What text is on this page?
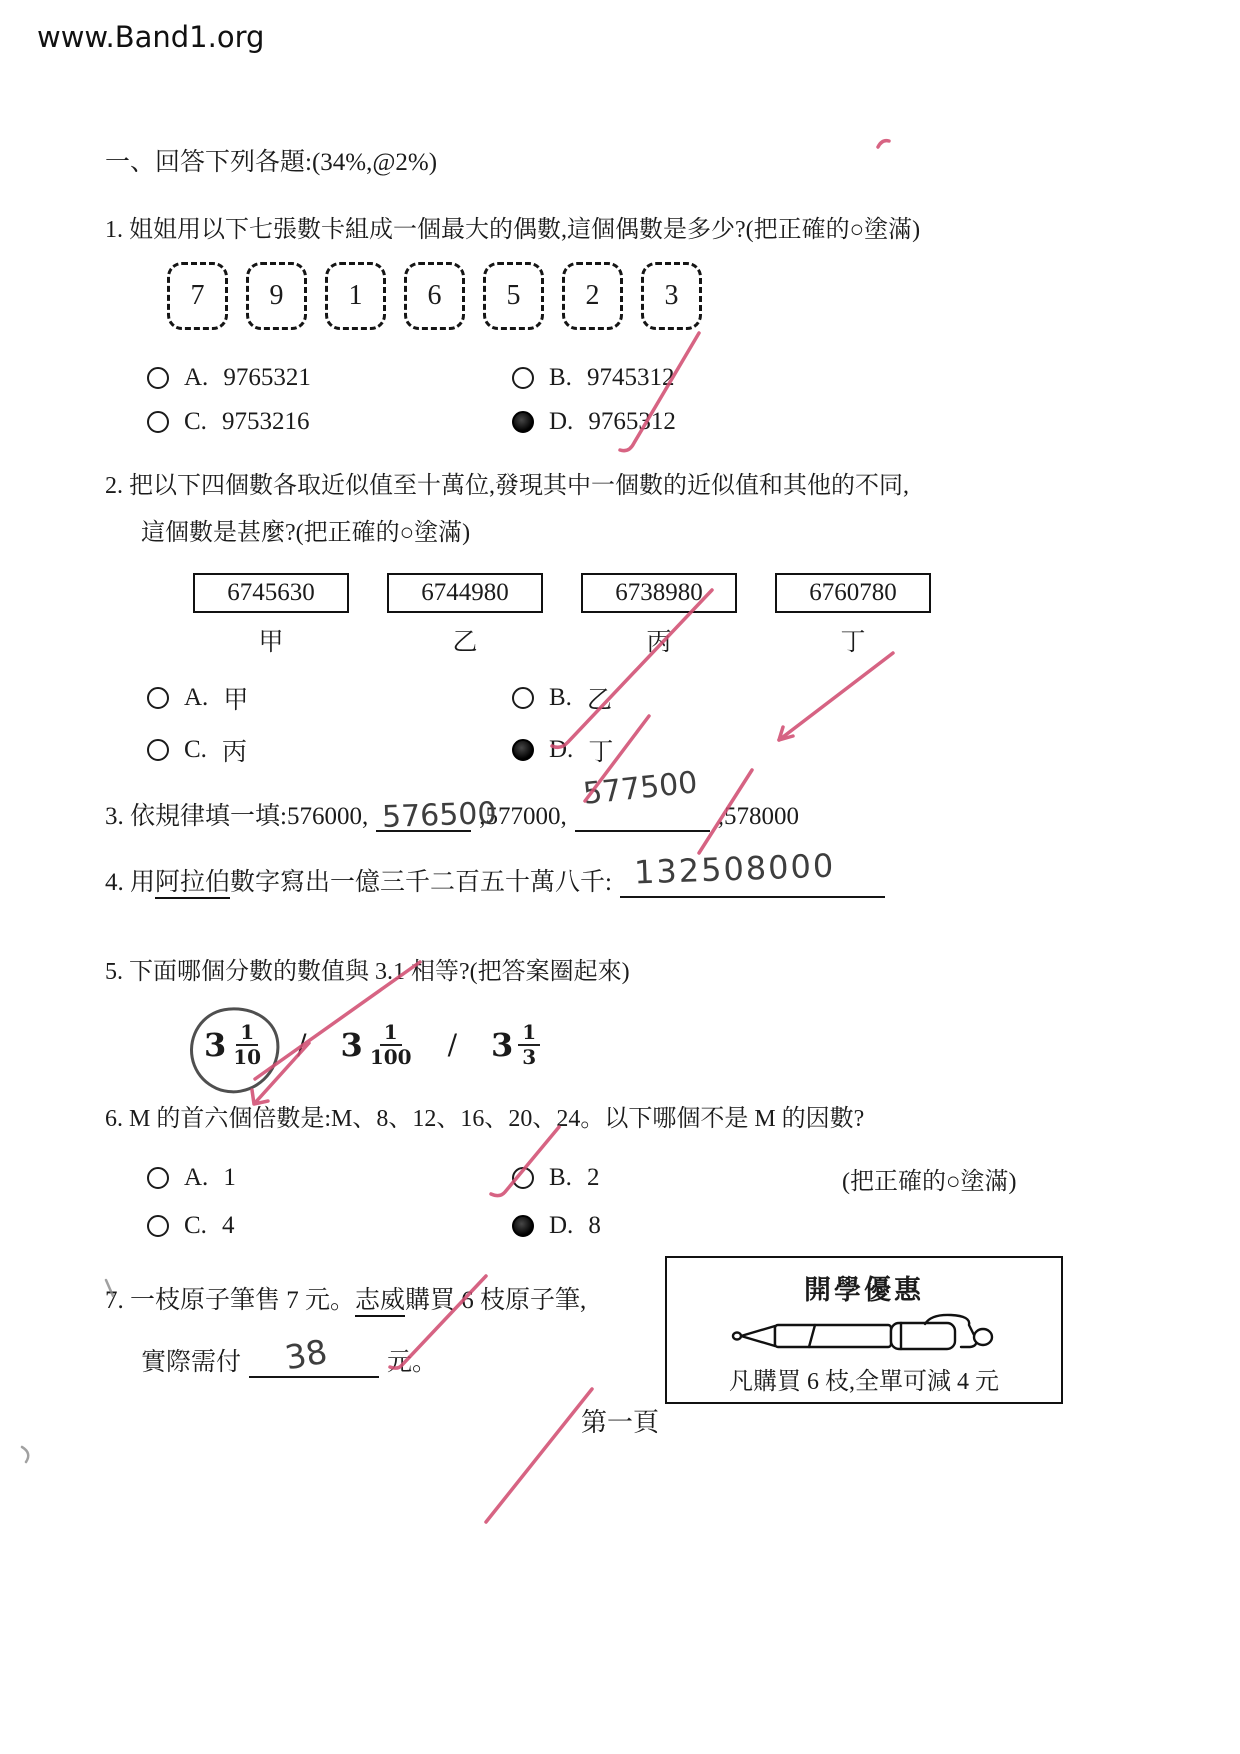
www.Band1.org
一、回答下列各題:(34%,@2%)
1. 姐姐用以下七張數卡組成一個最大的偶數,這個偶數是多少?(把正確的○塗滿)
7	9	1	6	5	2	3
A. 9765321	B. 9745312
C. 9753216	D. 9765312
2. 把以下四個數各取近似值至十萬位,發現其中一個數的近似值和其他的不同,
這個數是甚麼?(把正確的○塗滿)
6745630
甲
6744980
乙
6738980
丙
6760780
丁
A. 甲	B. 乙
C. 丙	D. 丁
3. 依規律填一填:576000, 576500
,577000,
577500
,578000
4. 用阿拉伯數字寫出一億三千二百五十萬八千: 132508000
5. 下面哪個分數的數值與 3.1 相等?(把答案圈起來)
$3 \frac{1}{10} / 3 \frac{1}{100} / 3 \frac{1}{3}$
6. M 的首六個倍數是:M、8、12、16、20、24。以下哪個不是 M 的因數?
A. 1	B. 2	(把正確的○塗滿)
C. 4	D. 8
7. 一枝原子筆售 7 元。志威購買 6 枝原子筆,
實際需付 38 元。
開學優惠
凡購買 6 枝,全單可減 4 元
第一頁
